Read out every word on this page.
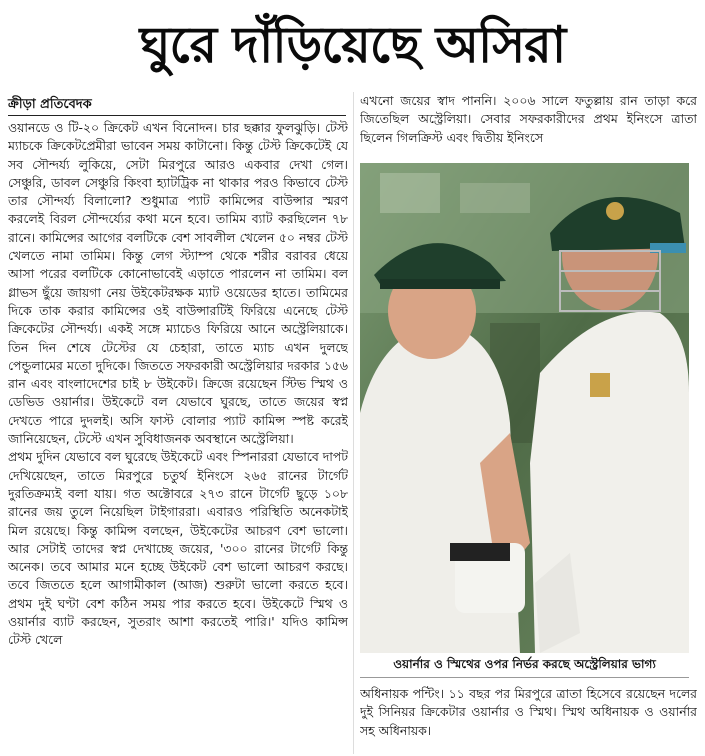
ঘুরে দাঁড়িয়েছে অসিরা
ক্রীড়া প্রতিবেদক

ওয়ানডে ও টি-২০ ক্রিকেট এখন বিনোদন। চার ছক্কার ফুলঝুড়ি। টেস্ট ম্যাচকে ক্রিকেটপ্রেমীরা ভাবেন সময় কাটানো। কিন্তু টেস্ট ক্রিকেটেই যে সব সৌন্দর্য্য লুকিয়ে, সেটা মিরপুরে আরও একবার দেখা গেল। সেঞ্চুরি, ডাবল সেঞ্চুরি কিংবা হ্যাটট্রিক না থাকার পরও কিভাবে টেস্ট তার সৌন্দর্য্য বিলালো? শুধুমাত্র প্যাট কামিন্সের বাউন্সার স্মরণ করলেই বিরল সৌন্দর্য্যের কথা মনে হবে। তামিম ব্যাট করছিলেন ৭৮ রানে। কামিন্সের আগের বলটিকে বেশ সাবলীল খেলেন ৫০ নম্বর টেস্ট খেলতে নামা তামিম। কিন্তু লেগ স্ট্যাম্প থেকে শরীর বরাবর ধেয়ে আসা পরের বলটিকে কোনোভাবেই এড়াতে পারলেন না তামিম। বল গ্লাভস ছুঁয়ে জায়গা নেয় উইকেটরক্ষক ম্যাট ওয়েডের হাতে। তামিমের দিকে তাক করার কামিন্সের ওই বাউন্সারটিই ফিরিয়ে এনেছে টেস্ট ক্রিকেটের সৌন্দর্য্য। একই সঙ্গে ম্যাচেও ফিরিয়ে আনে অস্ট্রেলিয়াকে। তিন দিন শেষে টেস্টের যে চেহারা, তাতে ম্যাচ এখন দুলছে পেন্ডুলামের মতো দুদিকে। জিততে সফরকারী অস্ট্রেলিয়ার দরকার ১৫৬ রান এবং বাংলাদেশের চাই ৮ উইকেট। ক্রিজে রয়েছেন স্টিভ স্মিথ ও ডেভিড ওয়ার্নার। উইকেটে বল যেভাবে ঘুরছে, তাতে জয়ের স্বপ্ন দেখতে পারে দুদলই। অসি ফাস্ট বোলার প্যাট কামিন্স স্পষ্ট করেই জানিয়েছেন, টেস্টে এখন সুবিধাজনক অবস্থানে অস্ট্রেলিয়া।

প্রথম দুদিন যেভাবে বল ঘুরেছে উইকেটে এবং স্পিনাররা যেভাবে দাপট দেখিয়েছেন, তাতে মিরপুরে চতুর্থ ইনিংসে ২৬৫ রানের টার্গেট দুরতিক্রম্যই বলা যায়। গত অক্টোবরে ২৭৩ রানে টার্গেট ছুড়ে ১০৮ রানের জয় তুলে নিয়েছিল টাইগাররা। এবারও পরিস্থিতি অনেকটাই মিল রয়েছে। কিন্তু কামিন্স বলছেন, উইকেটের আচরণ বেশ ভালো। আর সেটাই তাদের স্বপ্ন দেখাচ্ছে জয়ের, '৩০০ রানের টার্গেট কিন্তু অনেক। তবে আমার মনে হচ্ছে উইকেট বেশ ভালো আচরণ করছে। তবে জিততে হলে আগামীকাল (আজ) শুরুটা ভালো করতে হবে। প্রথম দুই ঘণ্টা বেশ কঠিন সময় পার করতে হবে। উইকেটে স্মিথ ও ওয়ার্নার ব্যাট করছেন, সুতরাং আশা করতেই পারি।' যদিও কামিন্স টেস্ট খেলে

এখনো জয়ের স্বাদ পাননি। ২০০৬ সালে ফতুল্লায় রান তাড়া করে জিতেছিল অস্ট্রেলিয়া। সেবার সফরকারীদের প্রথম ইনিংসে ত্রাতা ছিলেন গিলক্রিস্ট এবং দ্বিতীয় ইনিংসে
ওয়ার্নার ও স্মিথের ওপর নির্ভর করছে অস্ট্রেলিয়ার ভাগ্য
অধিনায়ক পন্টিং। ১১ বছর পর মিরপুরে ত্রাতা হিসেবে রয়েছেন দলের দুই সিনিয়র ক্রিকেটার ওয়ার্নার ও স্মিথ। স্মিথ অধিনায়ক ও ওয়ার্নার সহ অধিনায়ক।
